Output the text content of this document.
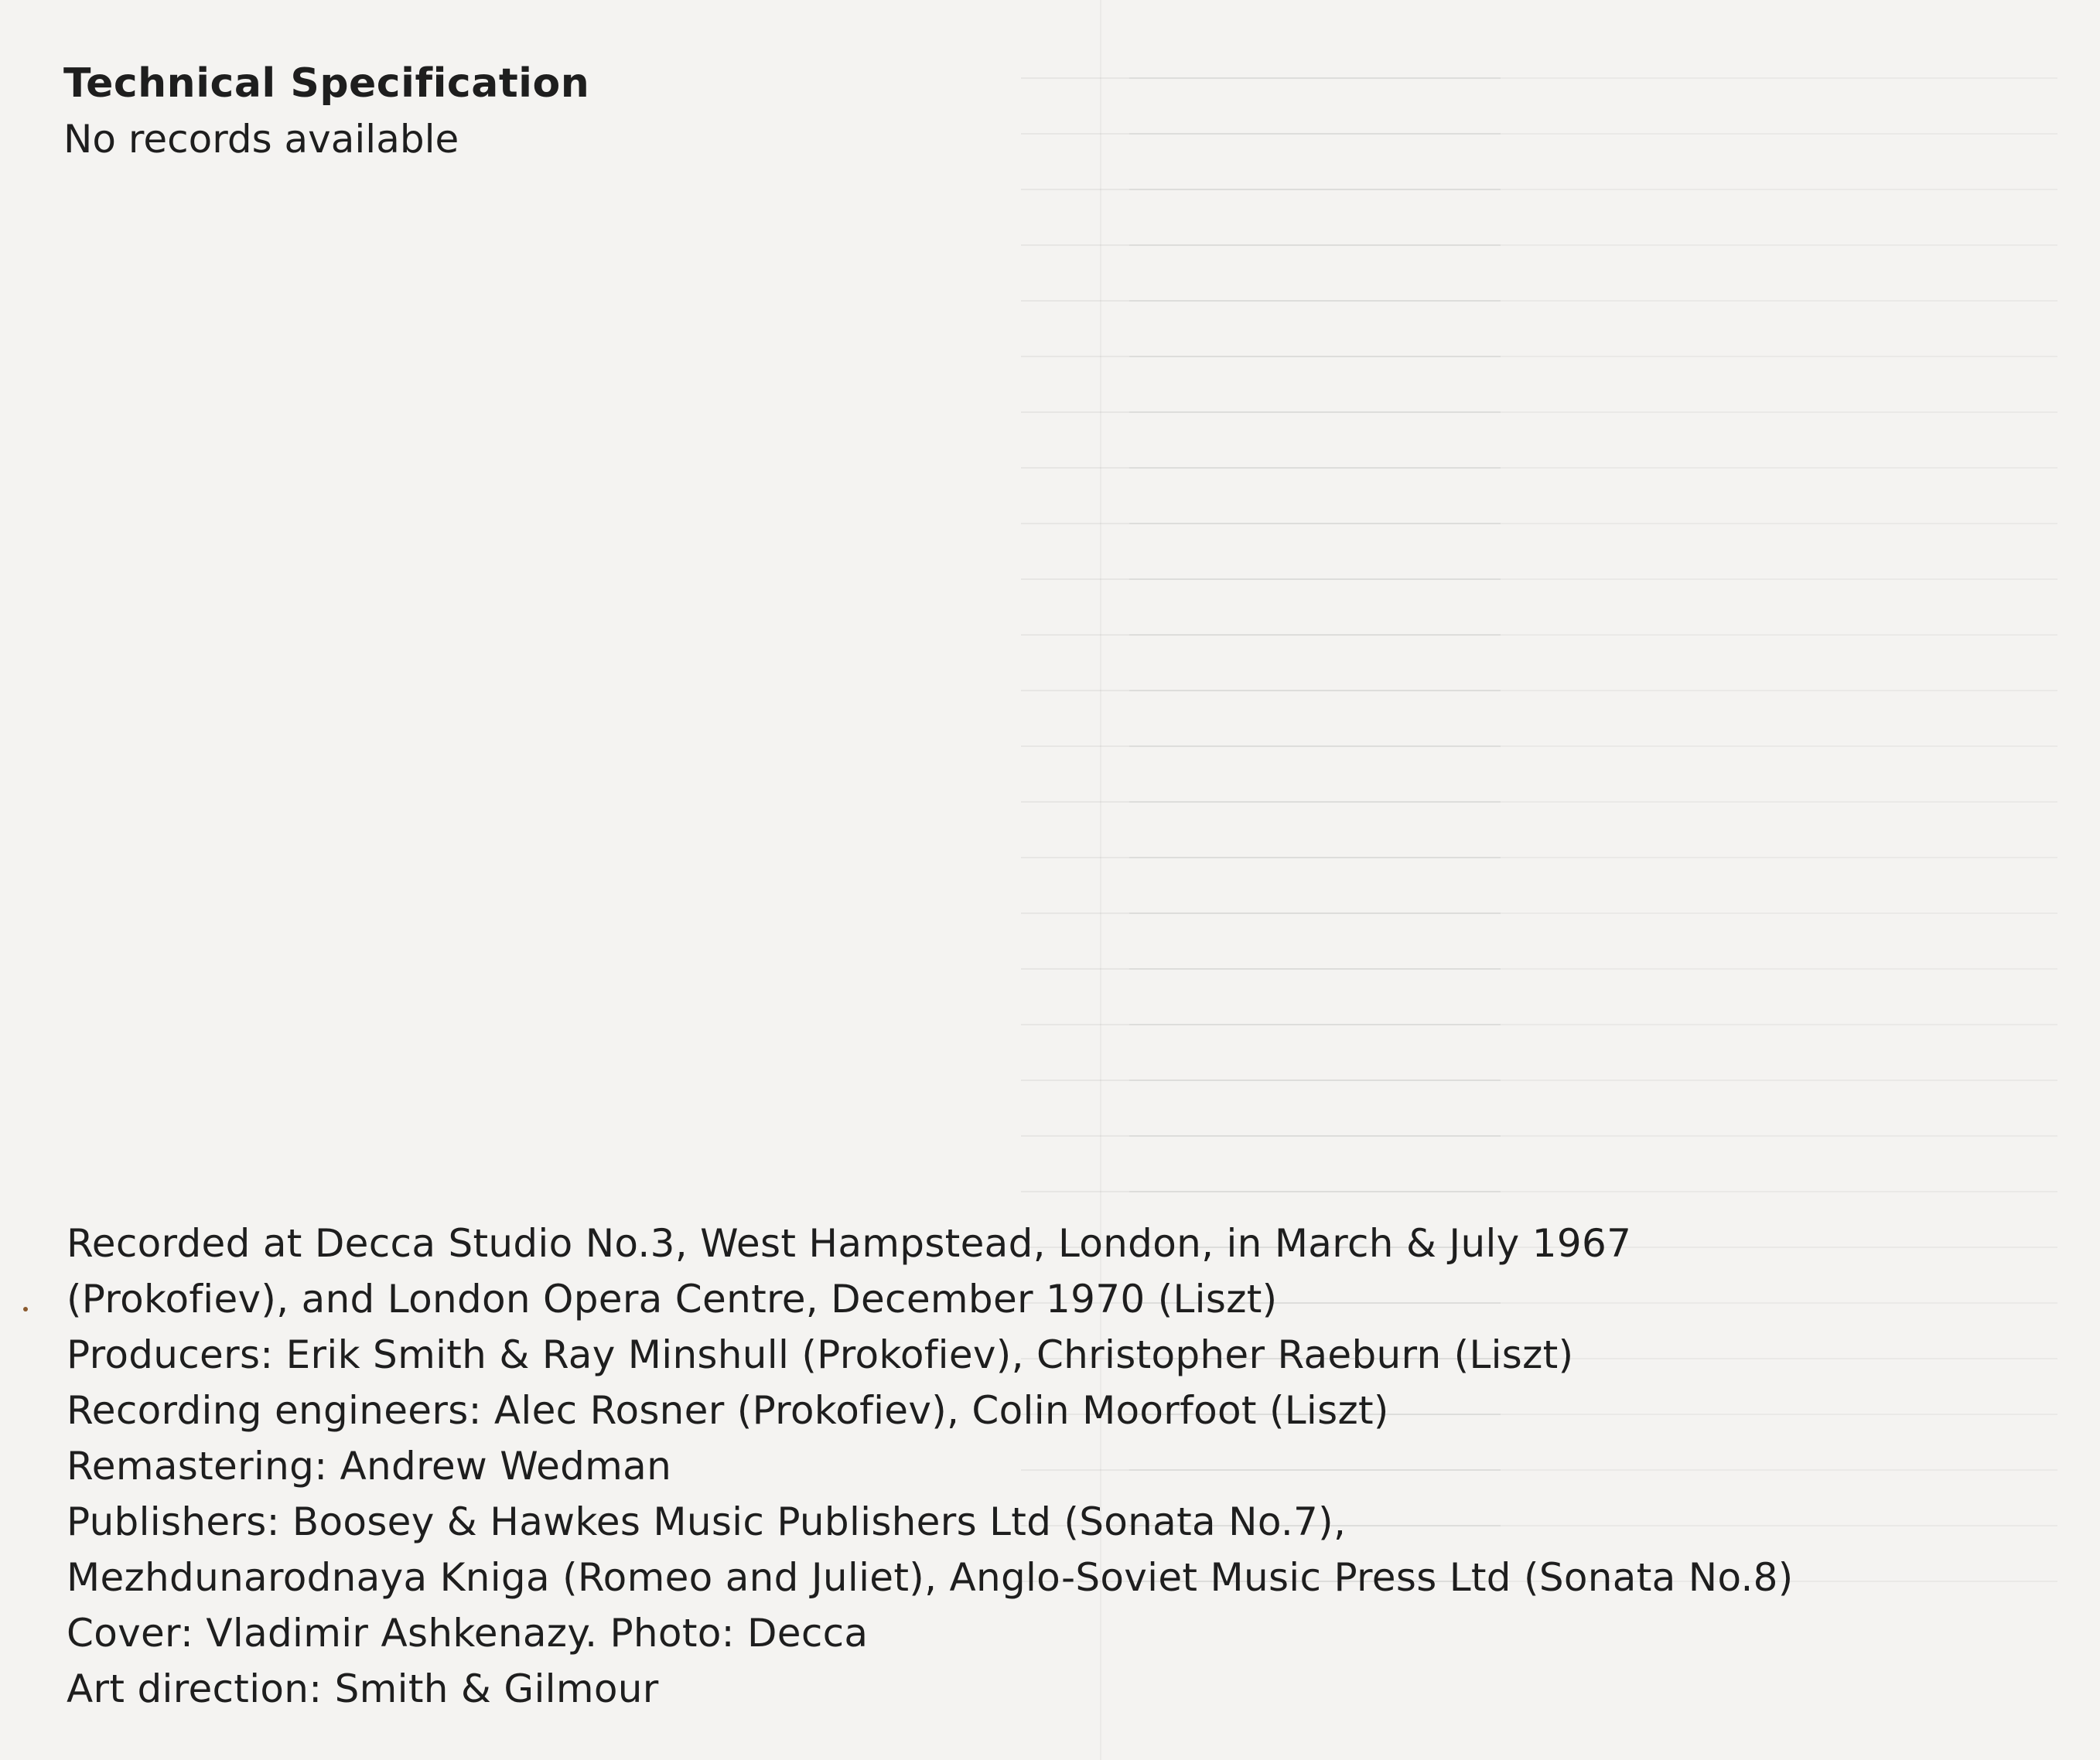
Technical Specification

No records available

Recorded at Decca Studio No.3, West Hampstead, London, in March & July 1967

(Prokofiev), and London Opera Centre, December 1970 (Liszt)

Producers: Erik Smith & Ray Minshull (Prokofiev), Christopher Raeburn (Liszt)

Recording engineers: Alec Rosner (Prokofiev), Colin Moorfoot (Liszt)

Remastering: Andrew Wedman

Publishers: Boosey & Hawkes Music Publishers Ltd (Sonata No.7),

Mezhdunarodnaya Kniga (Romeo and Juliet), Anglo-Soviet Music Press Ltd (Sonata No.8)

Cover: Vladimir Ashkenazy. Photo: Decca

Art direction: Smith & Gilmour
